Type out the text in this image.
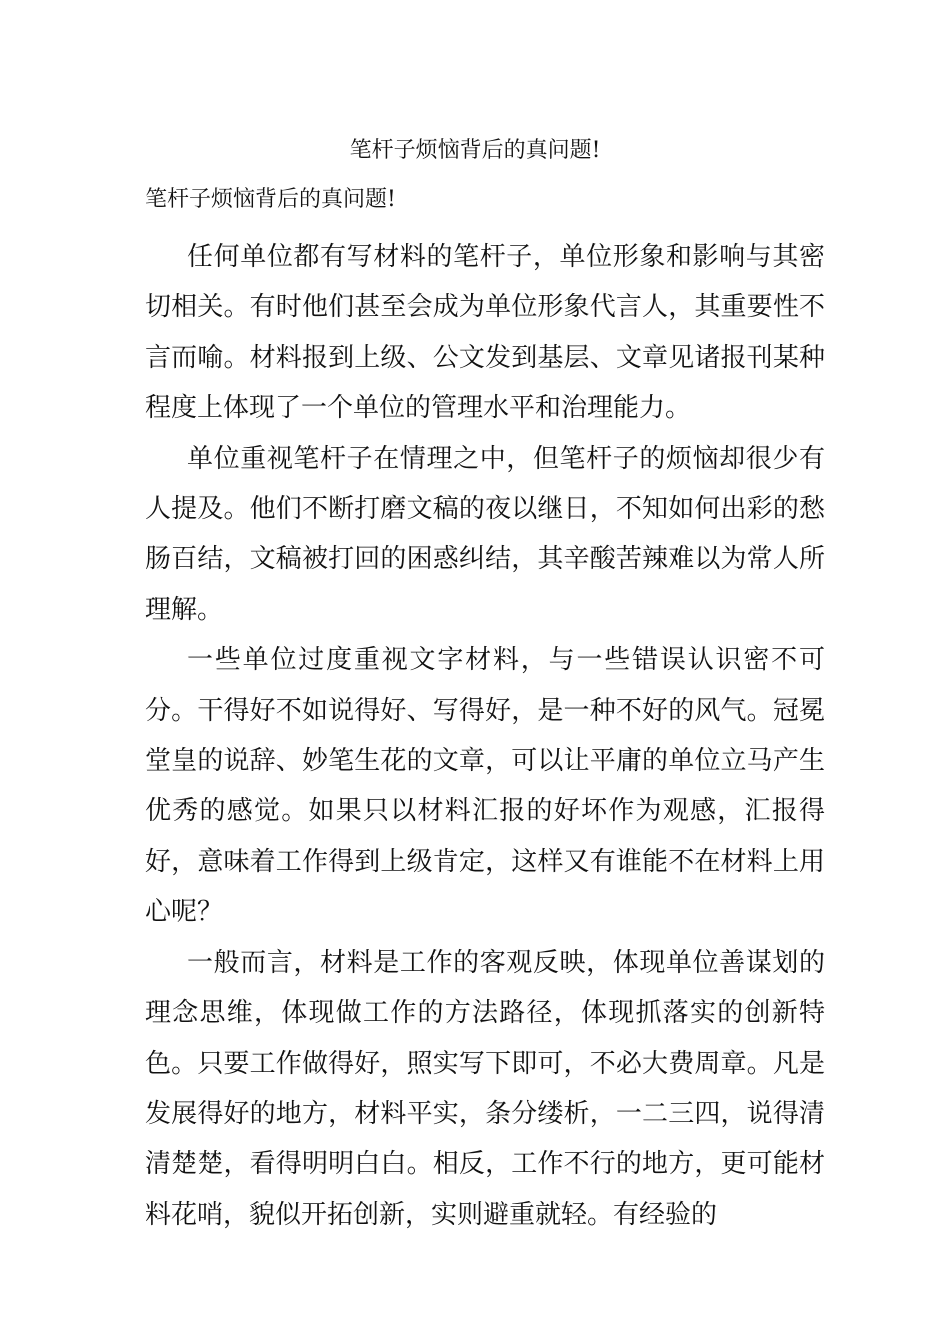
笔杆子烦恼背后的真问题!

笔杆子烦恼背后的真问题!

任何单位都有写材料的笔杆子，单位形象和影响与其密切相关。有时他们甚至会成为单位形象代言人，其重要性不言而喻。材料报到上级、公文发到基层、文章见诸报刊某种程度上体现了一个单位的管理水平和治理能力。

单位重视笔杆子在情理之中，但笔杆子的烦恼却很少有人提及。他们不断打磨文稿的夜以继日，不知如何出彩的愁肠百结，文稿被打回的困惑纠结，其辛酸苦辣难以为常人所理解。

一些单位过度重视文字材料，与一些错误认识密不可分。干得好不如说得好、写得好，是一种不好的风气。冠冕堂皇的说辞、妙笔生花的文章，可以让平庸的单位立马产生优秀的感觉。如果只以材料汇报的好坏作为观感，汇报得好，意味着工作得到上级肯定，这样又有谁能不在材料上用心呢？

一般而言，材料是工作的客观反映，体现单位善谋划的理念思维，体现做工作的方法路径，体现抓落实的创新特色。只要工作做得好，照实写下即可，不必大费周章。凡是发展得好的地方，材料平实，条分缕析，一二三四，说得清清楚楚，看得明明白白。相反，工作不行的地方，更可能材料花哨，貌似开拓创新，实则避重就轻。有经验的
